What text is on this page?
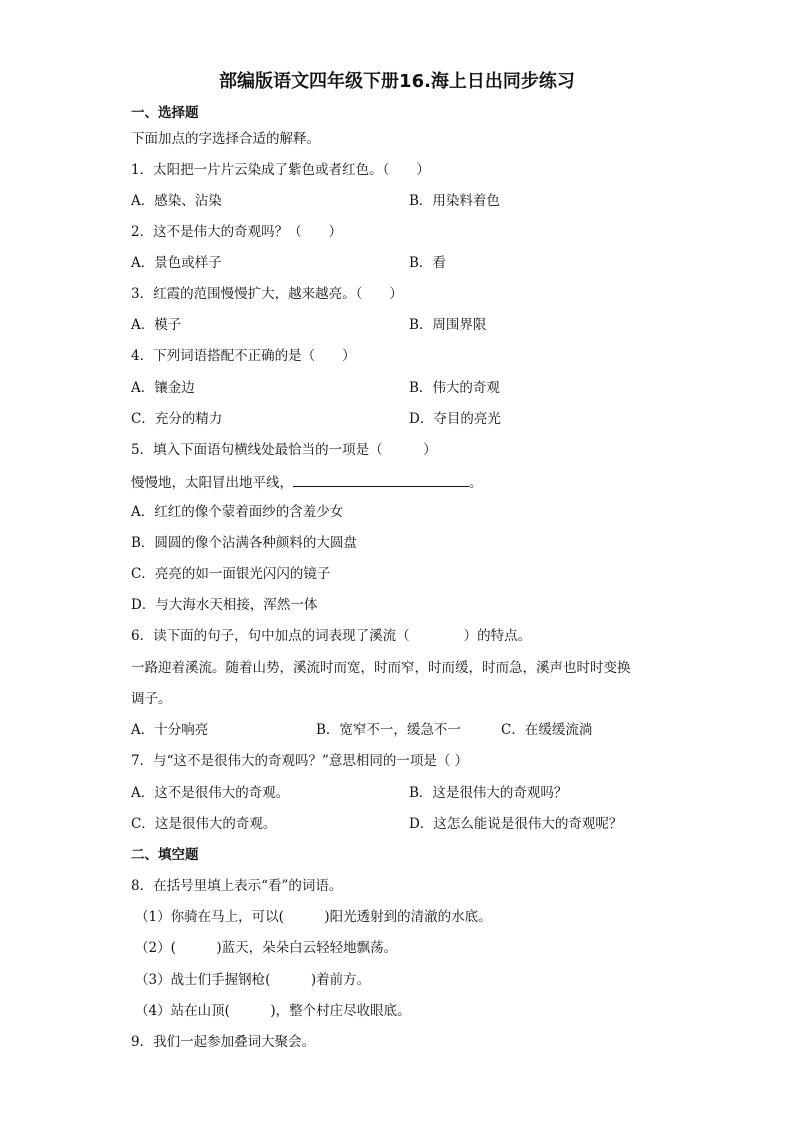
部编版语文四年级下册16.海上日出同步练习
一、选择题
下面加点的字选择合适的解释。
1．太阳把一片片云染成了紫色或者红色。（　　）
A．感染、沾染	B．用染料着色
2．这不是伟大的奇观吗？（　　）
A．景色或样子	B．看
3．红霞的范围慢慢扩大，越来越亮。（　　）
A．模子	B．周围界限
4．下列词语搭配不正确的是（　　）
A．镶金边	B．伟大的奇观
C．充分的精力	D．夺目的亮光
5．填入下面语句横线处最恰当的一项是（　　　）
慢慢地，太阳冒出地平线，	。
A．红红的像个蒙着面纱的含羞少女
B．圆圆的像个沾满各种颜料的大圆盘
C．亮亮的如一面银光闪闪的镜子
D．与大海水天相接，浑然一体
6．读下面的句子，句中加点的词表现了溪流（　　　　）的特点。
一路迎着溪流。随着山势，溪流时而宽，时而窄，时而缓，时而急，溪声也时时变换
调子。
A．十分响亮	B．宽窄不一，缓急不一	C．在缓缓流淌
7．与“这不是很伟大的奇观吗？”意思相同的一项是（ ）
A．这不是很伟大的奇观。	B．这是很伟大的奇观吗？
C．这是很伟大的奇观。	D．这怎么能说是很伟大的奇观呢？
二、填空题
8．在括号里填上表示“看”的词语。
（1）你骑在马上，可以(　　　)阳光透射到的清澈的水底。
（2）(　　　)蓝天，朵朵白云轻轻地飘荡。
（3）战士们手握钢枪(　　　)着前方。
（4）站在山顶(　　　)，整个村庄尽收眼底。
9．我们一起参加叠词大聚会。
